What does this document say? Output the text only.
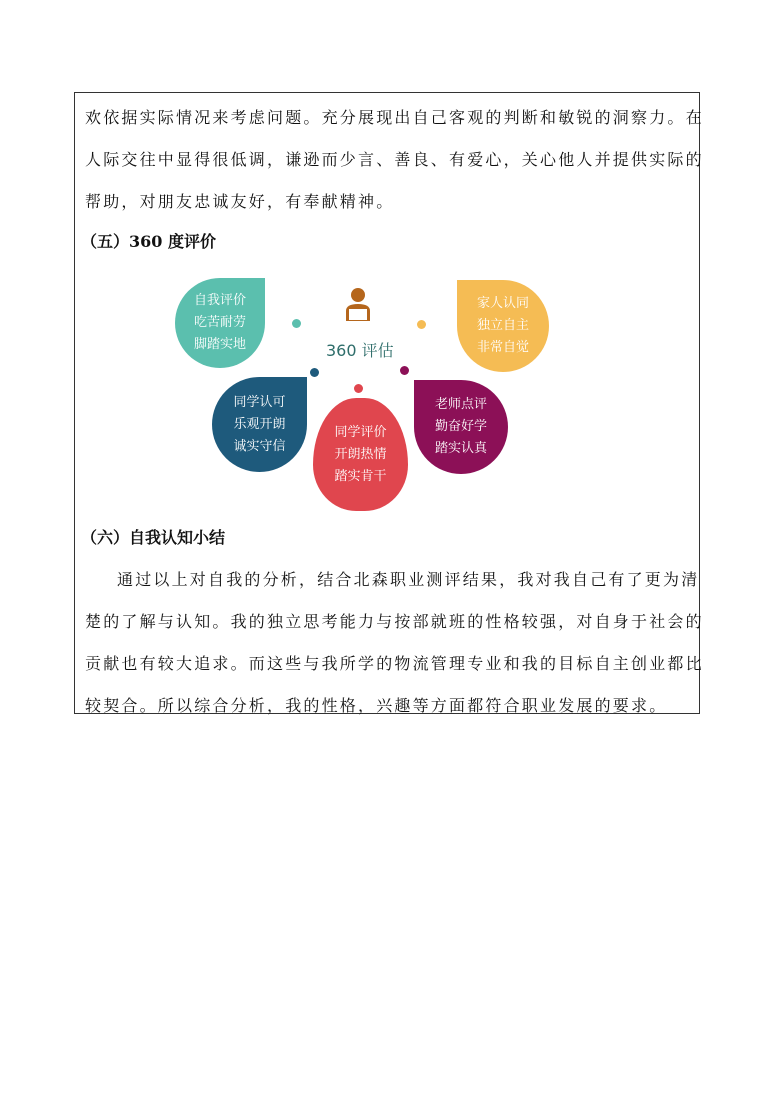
欢依据实际情况来考虑问题。充分展现出自己客观的判断和敏锐的洞察力。在
人际交往中显得很低调，谦逊而少言、善良、有爱心，关心他人并提供实际的
帮助，对朋友忠诚友好，有奉献精神。
（五）360 度评价
自我评价
吃苦耐劳
脚踏实地
家人认同
独立自主
非常自觉
360 评估
同学认可
乐观开朗
诚实守信
同学评价
开朗热情
踏实肯干
老师点评
勤奋好学
踏实认真
（六）自我认知小结
通过以上对自我的分析，结合北森职业测评结果，我对我自己有了更为清
楚的了解与认知。我的独立思考能力与按部就班的性格较强，对自身于社会的
贡献也有较大追求。而这些与我所学的物流管理专业和我的目标自主创业都比
较契合。所以综合分析，我的性格，兴趣等方面都符合职业发展的要求。
